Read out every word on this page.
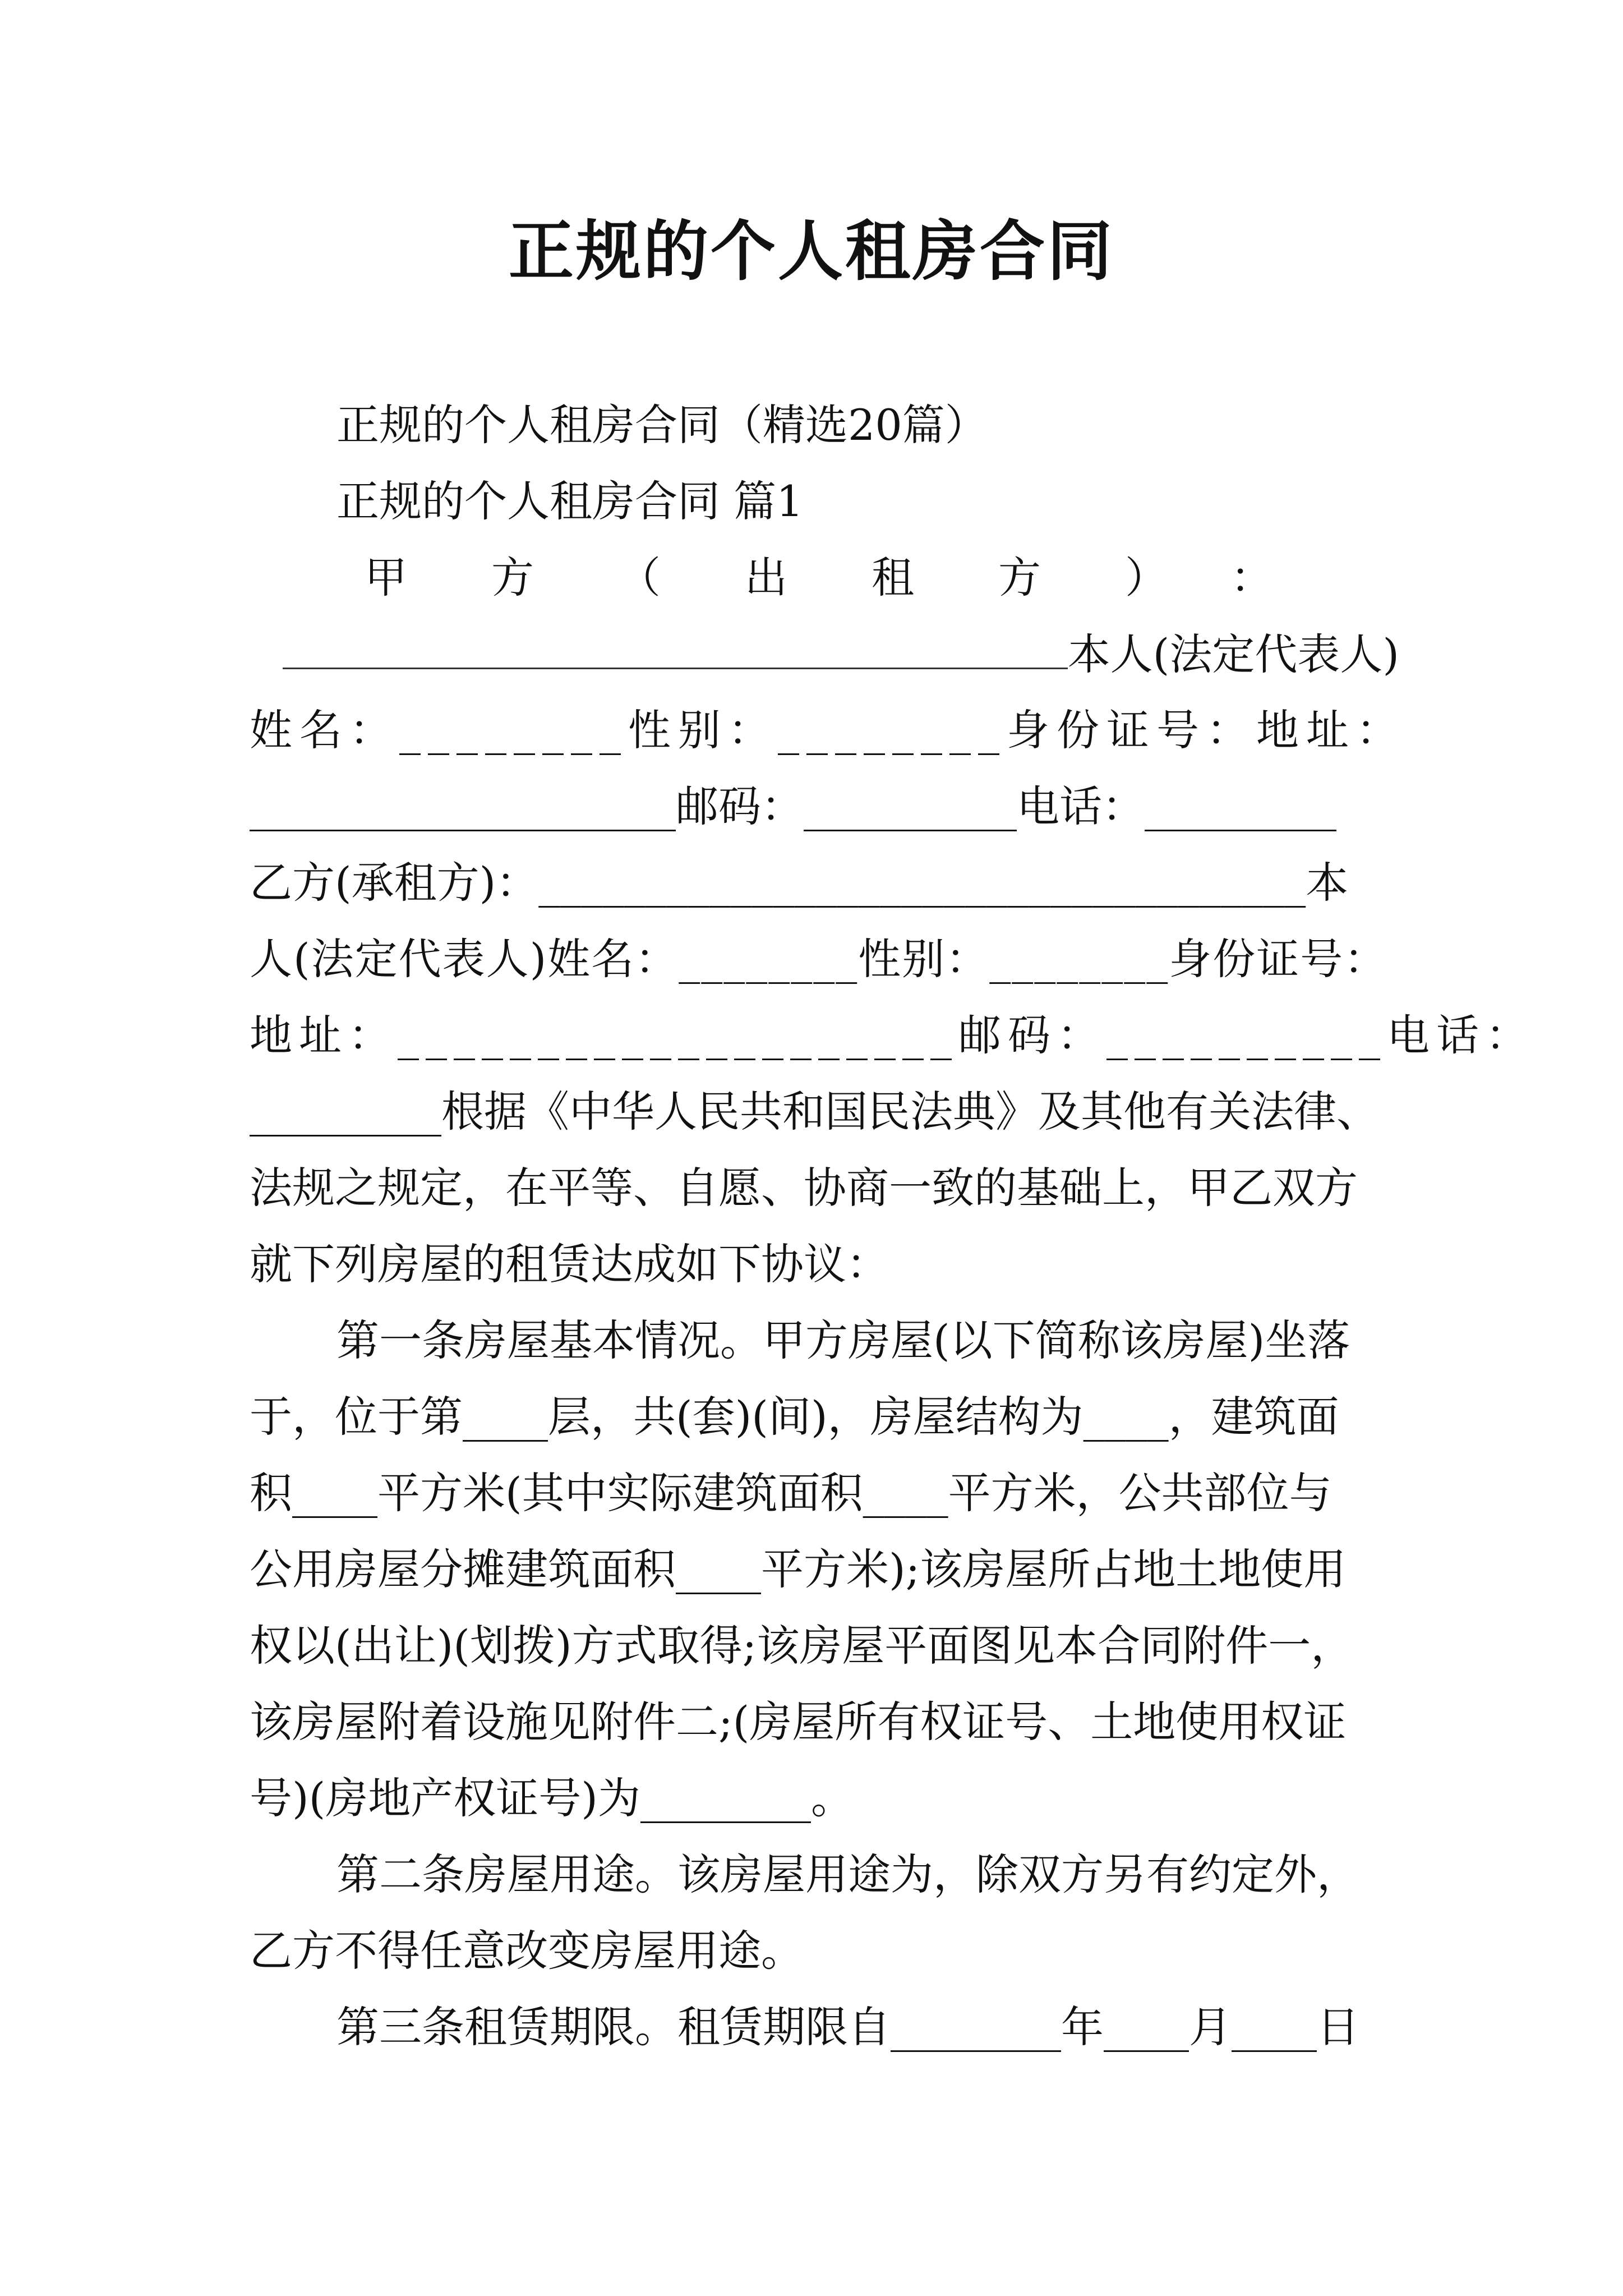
正规的个人租房合同
正规的个人租房合同（精选20篇）
正规的个人租房合同 篇1
甲方（出租方）：
本人(法定代表人)
姓名：________性别：________身份证号：地址：
____________________邮码：__________电话：_________
乙方(承租方)：____________________________________本
人(法定代表人)姓名：________性别：________身份证号：
地址：____________________邮码：__________电话：
_________根据《中华人民共和国民法典》及其他有关法律、
法规之规定，在平等、自愿、协商一致的基础上，甲乙双方
就下列房屋的租赁达成如下协议：
第一条房屋基本情况。甲方房屋(以下简称该房屋)坐落
于，位于第____层，共(套)(间)，房屋结构为____，建筑面
积____平方米(其中实际建筑面积____平方米，公共部位与
公用房屋分摊建筑面积____平方米);该房屋所占地土地使用
权以(出让)(划拨)方式取得;该房屋平面图见本合同附件一，
该房屋附着设施见附件二;(房屋所有权证号、土地使用权证
号)(房地产权证号)为________。
第二条房屋用途。该房屋用途为，除双方另有约定外，
乙方不得任意改变房屋用途。
第三条租赁期限。租赁期限自________年____月____日
